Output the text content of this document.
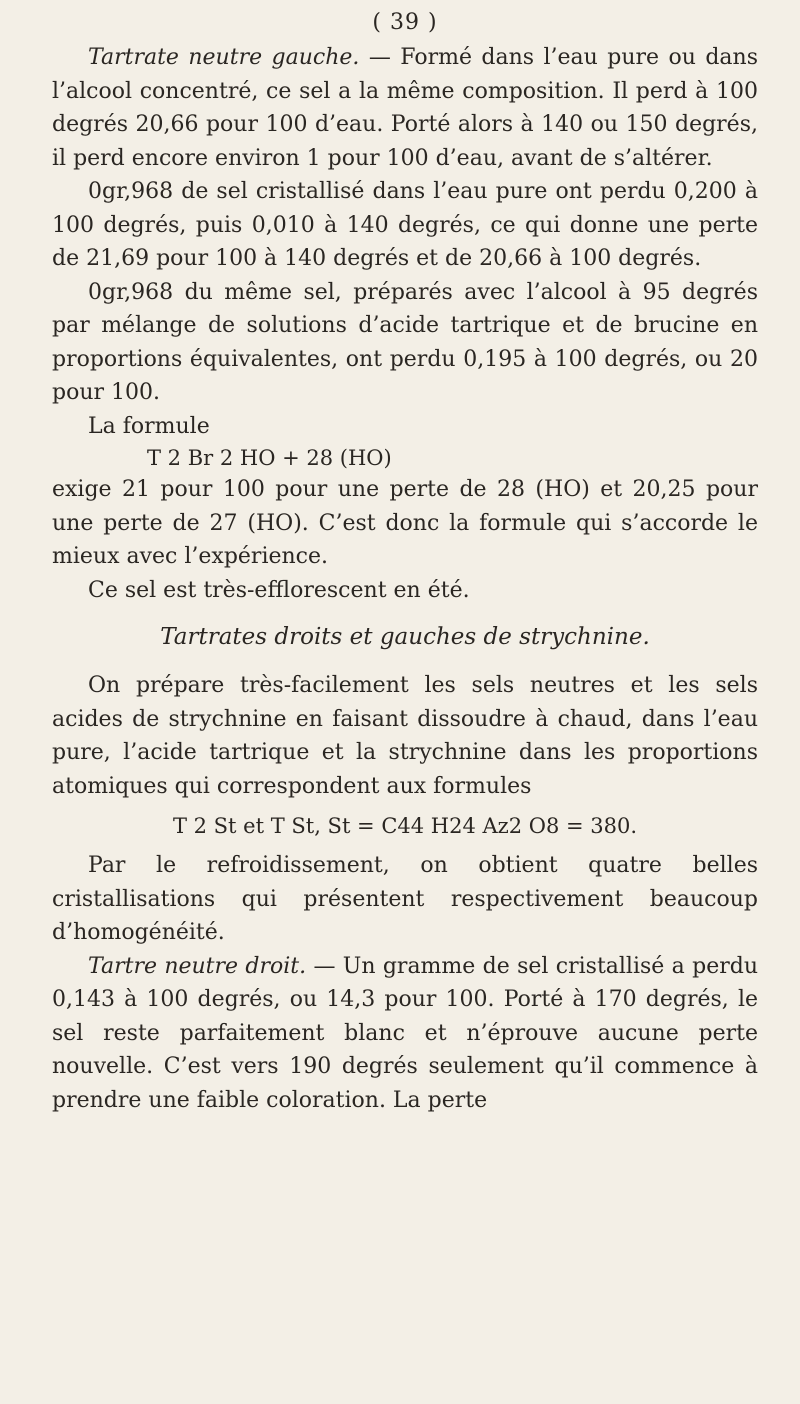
( 39 )

Tartrate neutre gauche. — Formé dans l’eau pure ou dans l’alcool concentré, ce sel a la même composition. Il perd à 100 degrés 20,66 pour 100 d’eau. Porté alors à 140 ou 150 degrés, il perd encore environ 1 pour 100 d’eau, avant de s’altérer.

0gr,968 de sel cristallisé dans l’eau pure ont perdu 0,200 à 100 degrés, puis 0,010 à 140 degrés, ce qui donne une perte de 21,69 pour 100 à 140 degrés et de 20,66 à 100 degrés.

0gr,968 du même sel, préparés avec l’alcool à 95 degrés par mélange de solutions d’acide tartrique et de brucine en proportions équivalentes, ont perdu 0,195 à 100 degrés, ou 20 pour 100.

La formule

T 2 Br 2 HO + 28 (HO)

exige 21 pour 100 pour une perte de 28 (HO) et 20,25 pour une perte de 27 (HO). C’est donc la formule qui s’accorde le mieux avec l’expérience.

Ce sel est très-efflorescent en été.

Tartrates droits et gauches de strychnine.

On prépare très-facilement les sels neutres et les sels acides de strychnine en faisant dissoudre à chaud, dans l’eau pure, l’acide tartrique et la strychnine dans les proportions atomiques qui correspondent aux formules

T 2 St et T St, St = C44 H24 Az2 O8 = 380.

Par le refroidissement, on obtient quatre belles cristallisations qui présentent respectivement beaucoup d’homogénéité.

Tartre neutre droit. — Un gramme de sel cristallisé a perdu 0,143 à 100 degrés, ou 14,3 pour 100. Porté à 170 degrés, le sel reste parfaitement blanc et n’éprouve aucune perte nouvelle. C’est vers 190 degrés seulement qu’il commence à prendre une faible coloration. La perte
